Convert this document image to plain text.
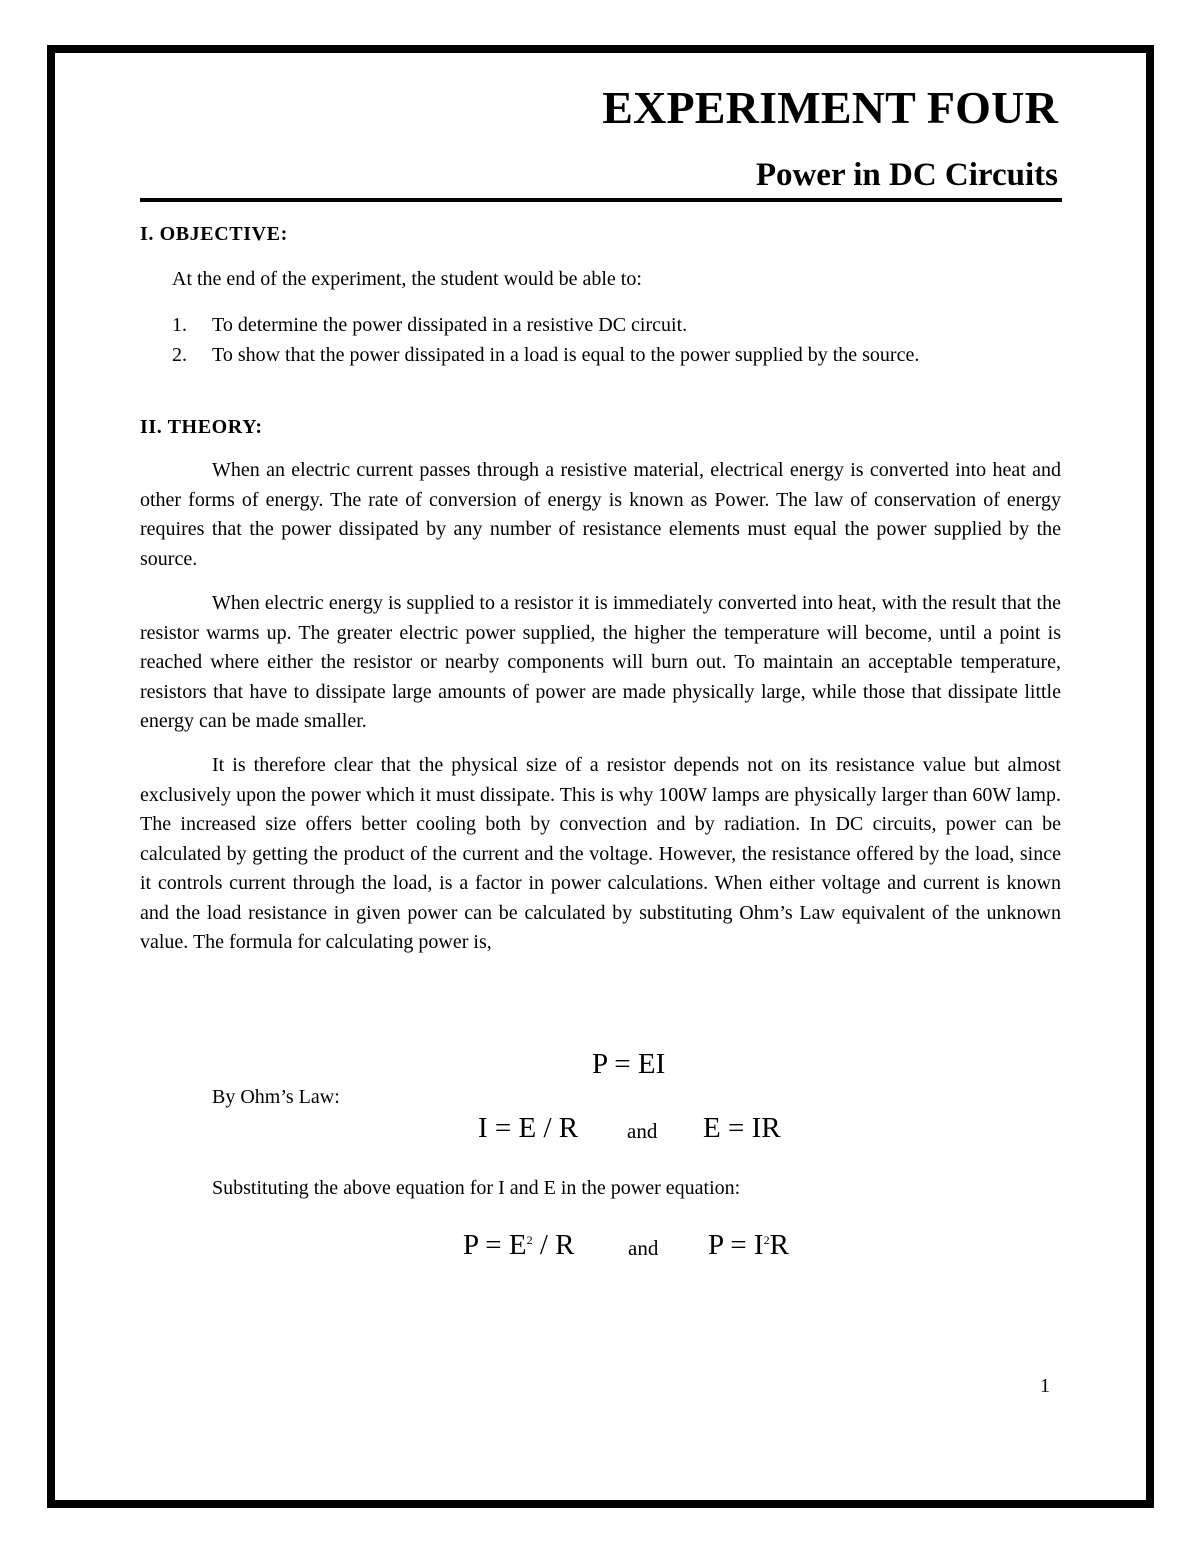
EXPERIMENT FOUR
Power in DC Circuits
I. OBJECTIVE:

At the end of the experiment, the student would be able to:

1.	To determine the power dissipated in a resistive DC circuit.
2.	To show that the power dissipated in a load is equal to the power supplied by the source.
II. THEORY:

When an electric current passes through a resistive material, electrical energy is converted into heat and other forms of energy. The rate of conversion of energy is known as Power. The law of conservation of energy requires that the power dissipated by any number of resistance elements must equal the power supplied by the source.

When electric energy is supplied to a resistor it is immediately converted into heat, with the result that the resistor warms up. The greater electric power supplied, the higher the temperature will become, until a point is reached where either the resistor or nearby components will burn out. To maintain an acceptable temperature, resistors that have to dissipate large amounts of power are made physically large, while those that dissipate little energy can be made smaller.

It is therefore clear that the physical size of a resistor depends not on its resistance value but almost exclusively upon the power which it must dissipate. This is why 100W lamps are physically larger than 60W lamp. The increased size offers better cooling both by convection and by radiation. In DC circuits, power can be calculated by getting the product of the current and the voltage. However, the resistance offered by the load, since it controls current through the load, is a factor in power calculations. When either voltage and current is known and the load resistance in given power can be calculated by substituting Ohm’s Law equivalent of the unknown value. The formula for calculating power is,

P = EI
By Ohm’s Law:
I = E / R and E = IR
Substituting the above equation for I and E in the power equation:
$P = E^2 / R$	and $P = I^2R$
1
